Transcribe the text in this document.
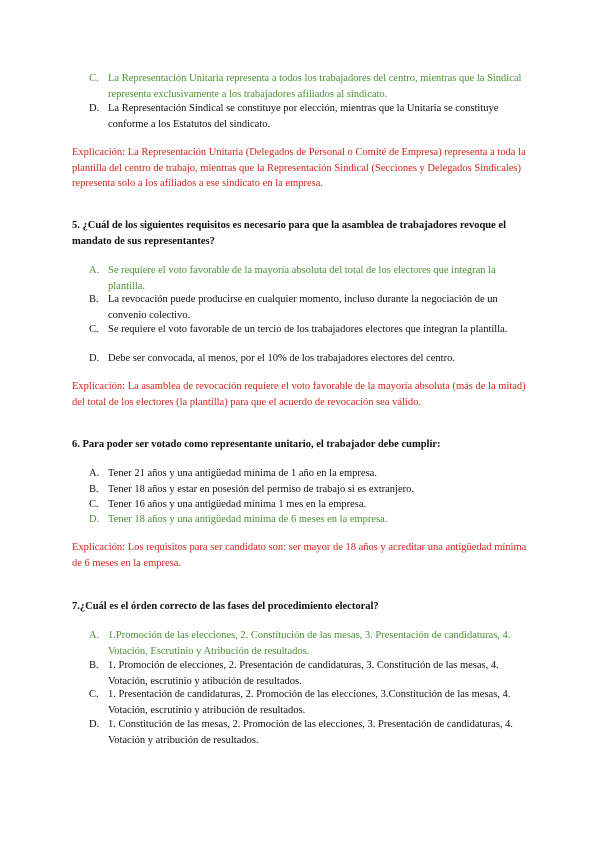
C. La Representación Unitaria representa a todos los trabajadores del centro, mientras que la Sindical representa exclusivamente a los trabajadores afiliados al sindicato.
D. La Representación Sindical se constituye por elección, mientras que la Unitaria se constituye conforme a los Estatutos del sindicato.
Explicación: La Representación Unitaria (Delegados de Personal o Comité de Empresa) representa a toda la plantilla del centro de trabajo, mientras que la Representación Sindical (Secciones y Delegados Sindicales) representa solo a los afiliados a ese sindicato en la empresa.
5. ¿Cuál de los siguientes requisitos es necesario para que la asamblea de trabajadores revoque el mandato de sus representantes?
A. Se requiere el voto favorable de la mayoría absoluta del total de los electores que integran la plantilla.
B. La revocación puede producirse en cualquier momento, incluso durante la negociación de un convenio colectivo.
C. Se requiere el voto favorable de un tercio de los trabajadores electores que integran la plantilla.
D. Debe ser convocada, al menos, por el 10% de los trabajadores electores del centro.
Explicación: La asamblea de revocación requiere el voto favorable de la mayoría absoluta (más de la mitad) del total de los electores (la plantilla) para que el acuerdo de revocación sea válido.
6. Para poder ser votado como representante unitario, el trabajador debe cumplir:
A. Tener 21 años y una antigüedad mínima de 1 año en la empresa.
B. Tener 18 años y estar en posesión del permiso de trabajo si es extranjero.
C. Tener 16 años y una antigüedad mínima 1 mes en la empresa.
D. Tener 18 años y una antigüedad mínima de 6 meses en la empresa.
Explicación: Los requisitos para ser candidato son: ser mayor de 18 años y acreditar una antigüedad mínima de 6 meses en la empresa.
7.¿Cuál es el órden correcto de las fases del procedimiento electoral?
A. 1.Promoción de las elecciones, 2. Constitución de las mesas, 3. Presentación de candidaturas, 4. Votación, Escrutinio y Atribución de resultados.
B. 1. Promoción de elecciones, 2. Presentación de candidaturas, 3. Constitución de las mesas, 4. Votación, escrutinio y atibución de resultados.
C. 1. Presentación de candidaturas, 2. Promoción de las elecciones, 3.Constitución de las mesas, 4. Votación, escrutinio y atribución de resultados.
D. 1. Constitución de las mesas, 2. Promoción de las elecciones, 3. Presentación de candidaturas, 4. Votación y atribución de resultados.
